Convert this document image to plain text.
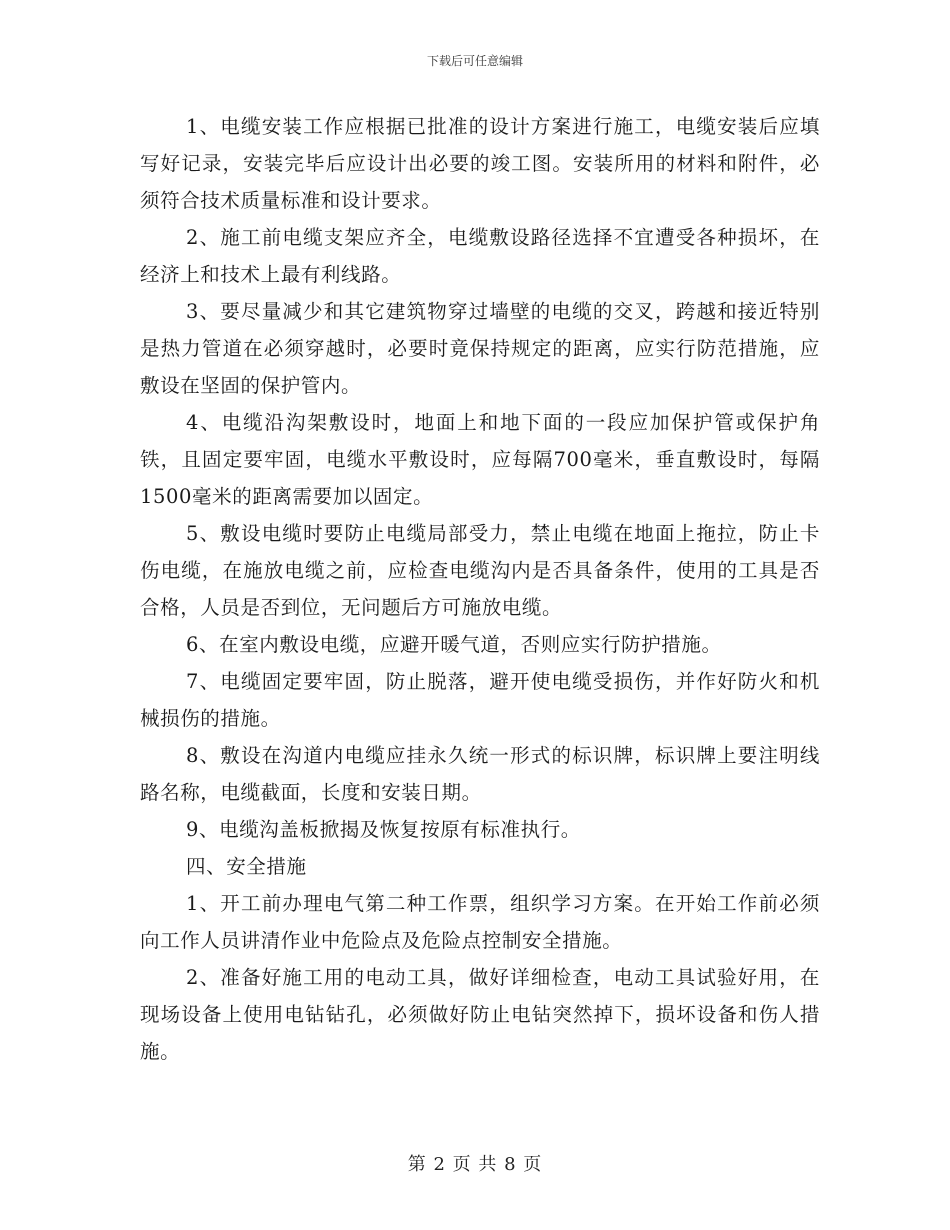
下载后可任意编辑

1、电缆安装工作应根据已批准的设计方案进行施工，电缆安装后应填写好记录，安装完毕后应设计出必要的竣工图。安装所用的材料和附件，必须符合技术质量标准和设计要求。

2、施工前电缆支架应齐全，电缆敷设路径选择不宜遭受各种损坏，在经济上和技术上最有利线路。

3、要尽量减少和其它建筑物穿过墙壁的电缆的交叉，跨越和接近特别是热力管道在必须穿越时，必要时竟保持规定的距离，应实行防范措施，应敷设在坚固的保护管内。

4、电缆沿沟架敷设时，地面上和地下面的一段应加保护管或保护角铁，且固定要牢固，电缆水平敷设时，应每隔700毫米，垂直敷设时，每隔1500毫米的距离需要加以固定。

5、敷设电缆时要防止电缆局部受力，禁止电缆在地面上拖拉，防止卡伤电缆，在施放电缆之前，应检查电缆沟内是否具备条件，使用的工具是否合格，人员是否到位，无问题后方可施放电缆。

6、在室内敷设电缆，应避开暖气道，否则应实行防护措施。

7、电缆固定要牢固，防止脱落，避开使电缆受损伤，并作好防火和机械损伤的措施。

8、敷设在沟道内电缆应挂永久统一形式的标识牌，标识牌上要注明线路名称，电缆截面，长度和安装日期。

9、电缆沟盖板掀揭及恢复按原有标准执行。

四、安全措施

1、开工前办理电气第二种工作票，组织学习方案。在开始工作前必须向工作人员讲清作业中危险点及危险点控制安全措施。

2、准备好施工用的电动工具，做好详细检查，电动工具试验好用，在现场设备上使用电钻钻孔，必须做好防止电钻突然掉下，损坏设备和伤人措施。

第 2 页 共 8 页
